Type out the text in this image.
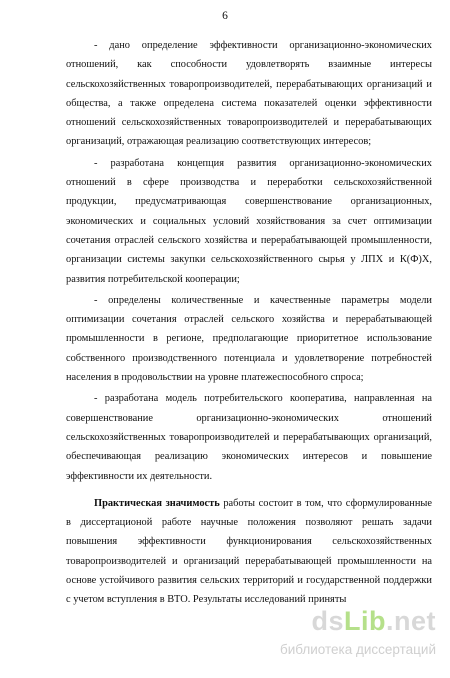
6

- дано определение эффективности организационно-экономических отношений, как способности удовлетворять взаимные интересы сельскохозяйственных товаропроизводителей, перерабатывающих организаций и общества, а также определена система показателей оценки эффективности отношений сельскохозяйственных товаропроизводителей и перерабатывающих организаций, отражающая реализацию соответствующих интересов;

- разработана концепция развития организационно-экономических отношений в сфере производства и переработки сельскохозяйственной продукции, предусматривающая совершенствование организационных, экономических и социальных условий хозяйствования за счет оптимизации сочетания отраслей сельского хозяйства и перерабатывающей промышленности, организации системы закупки сельскохозяйственного сырья у ЛПХ и К(Ф)Х, развития потребительской кооперации;

- определены количественные и качественные параметры модели оптимизации сочетания отраслей сельского хозяйства и перерабатывающей промышленности в регионе, предполагающие приоритетное использование собственного производственного потенциала и удовлетворение потребностей населения в продовольствии на уровне платежеспособного спроса;

- разработана модель потребительского кооператива, направленная на совершенствование организационно-экономических отношений сельскохозяйственных товаропроизводителей и перерабатывающих организаций, обеспечивающая реализацию экономических интересов и повышение эффективности их деятельности.

Практическая значимость работы состоит в том, что сформулированные в диссертационой работе научные положения позволяют решать задачи повышения эффективности функционирования сельскохозяйственных товаропроизводителей и организаций перерабатывающей промышленности на основе устойчивого развития сельских территорий и государственной поддержки с учетом вступления в ВТО. Результаты исследований приняты

dsLib.net
библиотека диссертаций
